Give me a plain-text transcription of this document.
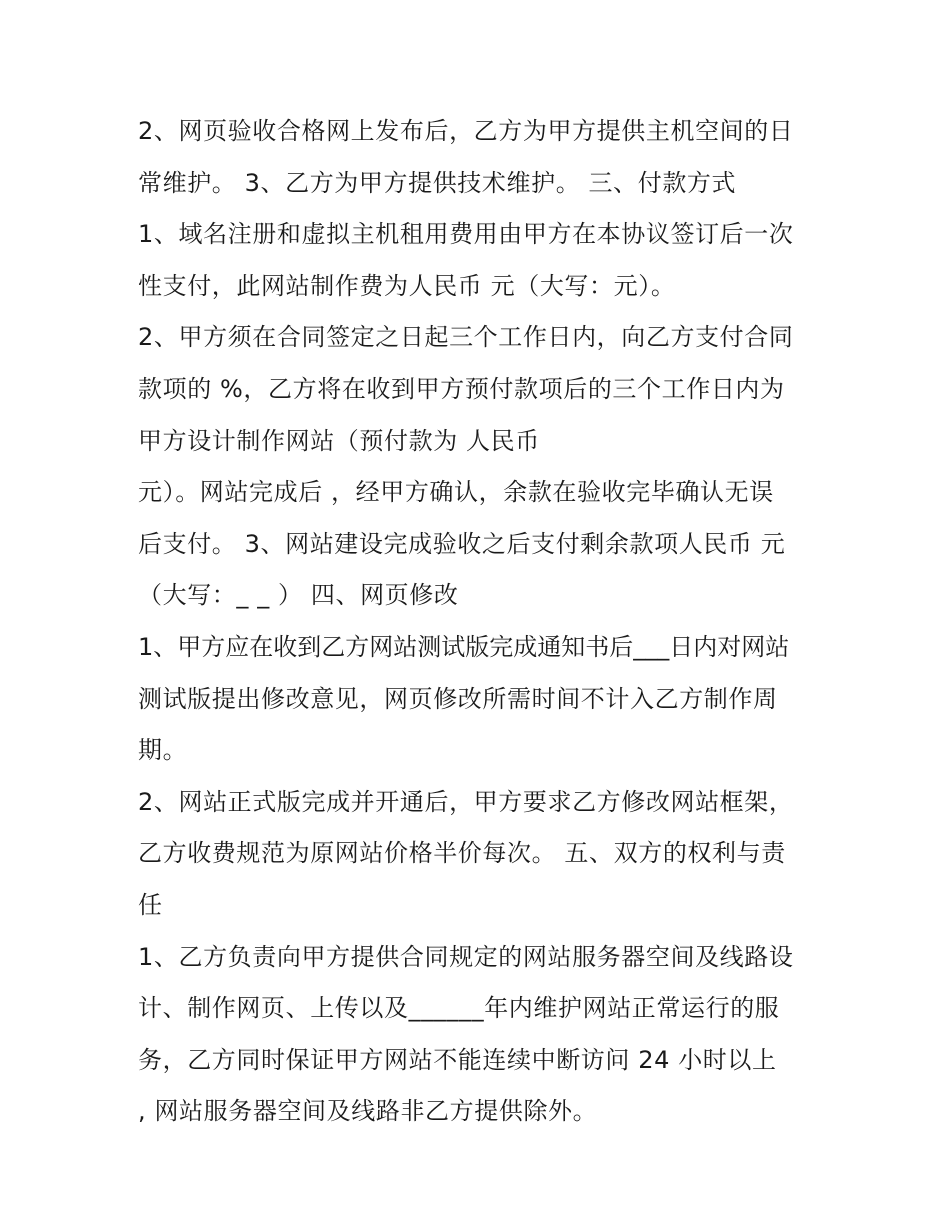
2、网页验收合格网上发布后，乙方为甲方提供主机空间的日
常维护。 3、乙方为甲方提供技术维护。 三、付款方式
1、域名注册和虚拟主机租用费用由甲方在本协议签订后一次
性支付，此网站制作费为人民币 元（大写：元）。
2、甲方须在合同签定之日起三个工作日内，向乙方支付合同
款项的 %，乙方将在收到甲方预付款项后的三个工作日内为
甲方设计制作网站（预付款为 人民币
元）。网站完成后 ，经甲方确认，余款在验收完毕确认无误
后支付。 3、网站建设完成验收之后支付剩余款项人民币 元
（大写：_ _ ） 四、网页修改
1、甲方应在收到乙方网站测试版完成通知书后___日内对网站
测试版提出修改意见，网页修改所需时间不计入乙方制作周
期。
2、网站正式版完成并开通后，甲方要求乙方修改网站框架，
乙方收费规范为原网站价格半价每次。 五、双方的权利与责
任
1、乙方负责向甲方提供合同规定的网站服务器空间及线路设
计、制作网页、上传以及______年内维护网站正常运行的服
务，乙方同时保证甲方网站不能连续中断访问 24 小时以上
, 网站服务器空间及线路非乙方提供除外。
